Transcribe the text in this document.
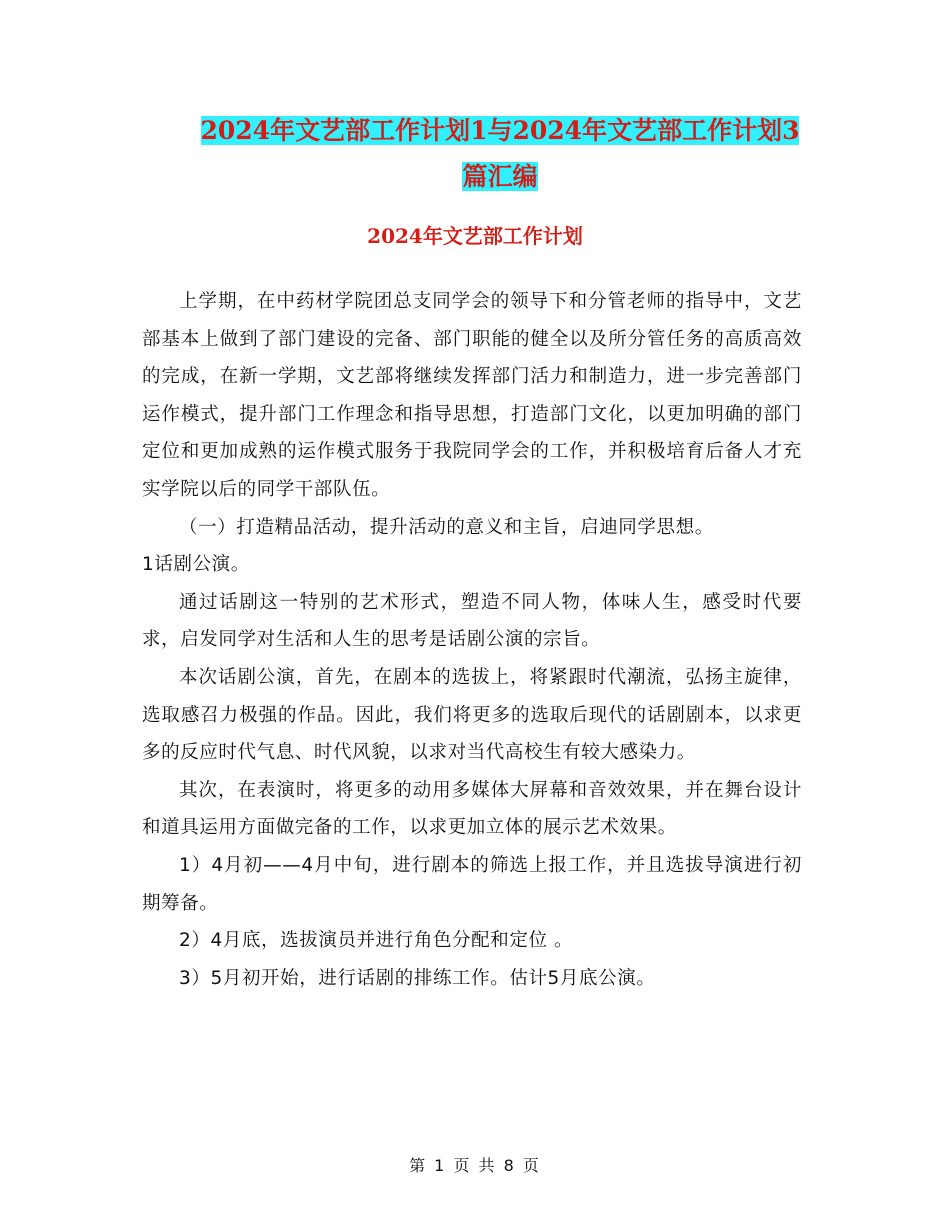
2024年文艺部工作计划1与2024年文艺部工作计划3
篇汇编
2024年文艺部工作计划

上学期，在中药材学院团总支同学会的领导下和分管老师的指导中，文艺部基本上做到了部门建设的完备、部门职能的健全以及所分管任务的高质高效的完成，在新一学期，文艺部将继续发挥部门活力和制造力，进一步完善部门运作模式，提升部门工作理念和指导思想，打造部门文化，以更加明确的部门定位和更加成熟的运作模式服务于我院同学会的工作，并积极培育后备人才充实学院以后的同学干部队伍。

（一）打造精品活动，提升活动的意义和主旨，启迪同学思想。

1话剧公演。

通过话剧这一特别的艺术形式，塑造不同人物，体味人生，感受时代要求，启发同学对生活和人生的思考是话剧公演的宗旨。

本次话剧公演，首先，在剧本的选拔上，将紧跟时代潮流，弘扬主旋律，选取感召力极强的作品。因此，我们将更多的选取后现代的话剧剧本，以求更多的反应时代气息、时代风貌，以求对当代高校生有较大感染力。

其次，在表演时，将更多的动用多媒体大屏幕和音效效果，并在舞台设计和道具运用方面做完备的工作，以求更加立体的展示艺术效果。

1）4月初——4月中旬，进行剧本的筛选上报工作，并且选拔导演进行初期筹备。

2）4月底，选拔演员并进行角色分配和定位 。

3）5月初开始，进行话剧的排练工作。估计5月底公演。

第 1 页 共 8 页
